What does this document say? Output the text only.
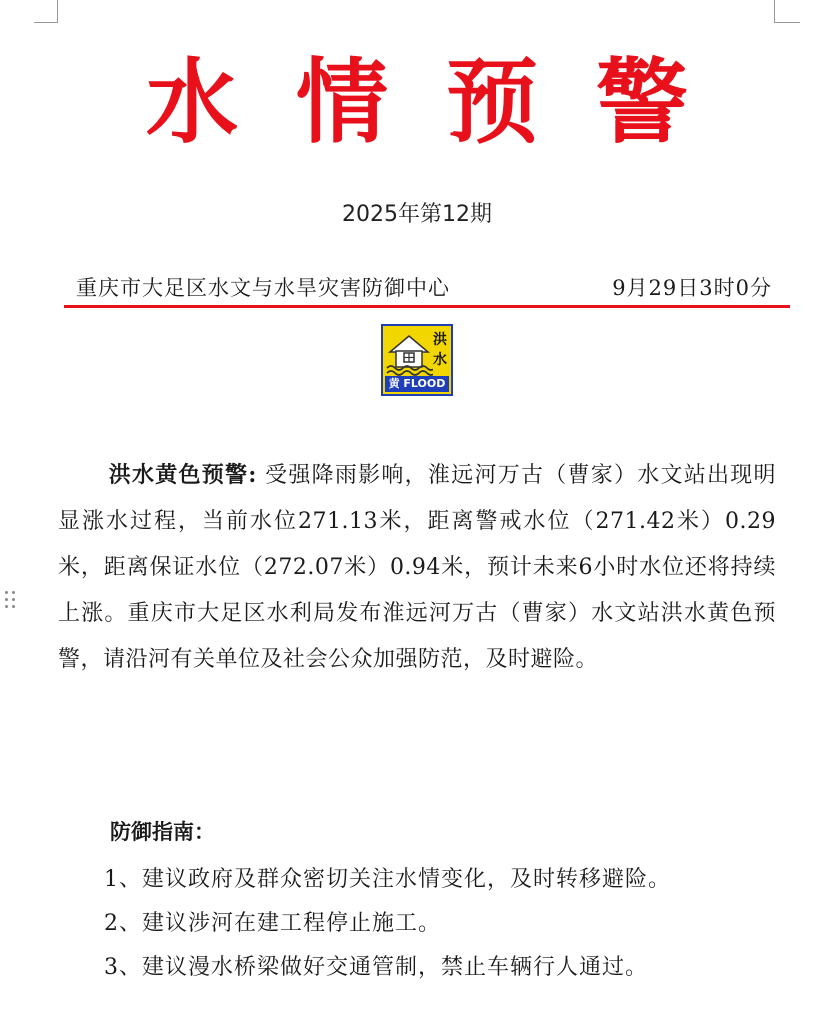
水情预警
2025年第12期
重庆市大足区水文与水旱灾害防御中心	9月29日3时0分
洪
水
黄 FLOOD
洪水黄色预警: 受强降雨影响，淮远河万古（曹家）水文站出现明显涨水过程，当前水位271.13米，距离警戒水位（271.42米）0.29米，距离保证水位（272.07米）0.94米，预计未来6小时水位还将持续上涨。重庆市大足区水利局发布淮远河万古（曹家）水文站洪水黄色预警，请沿河有关单位及社会公众加强防范，及时避险。
防御指南：
1、建议政府及群众密切关注水情变化，及时转移避险。
2、建议涉河在建工程停止施工。
3、建议漫水桥梁做好交通管制，禁止车辆行人通过。
